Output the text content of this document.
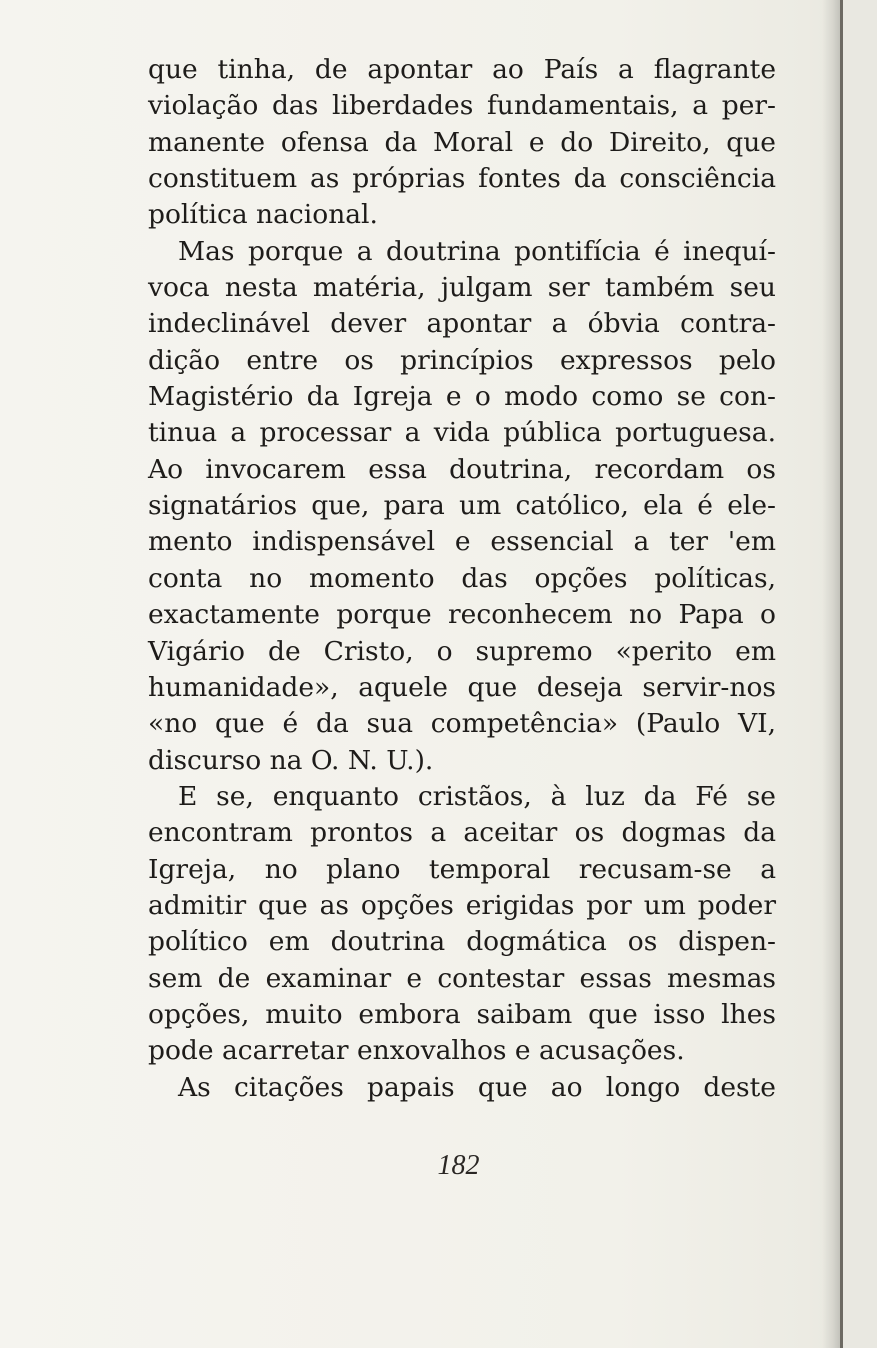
que tinha, de apontar ao País a flagrante
violação das liberdades fundamentais, a per-
manente ofensa da Moral e do Direito, que
constituem as próprias fontes da consciência
política nacional.

Mas porque a doutrina pontifícia é inequí-
voca nesta matéria, julgam ser também seu
indeclinável dever apontar a óbvia contra-
dição entre os princípios expressos pelo
Magistério da Igreja e o modo como se con-
tinua a processar a vida pública portuguesa.
Ao invocarem essa doutrina, recordam os
signatários que, para um católico, ela é ele-
mento indispensável e essencial a ter 'em
conta no momento das opções políticas,
exactamente porque reconhecem no Papa o
Vigário de Cristo, o supremo «perito em
humanidade», aquele que deseja servir-nos
«no que é da sua competência» (Paulo VI,
discurso na O. N. U.).

E se, enquanto cristãos, à luz da Fé se
encontram prontos a aceitar os dogmas da
Igreja, no plano temporal recusam-se a
admitir que as opções erigidas por um poder
político em doutrina dogmática os dispen-
sem de examinar e contestar essas mesmas
opções, muito embora saibam que isso lhes
pode acarretar enxovalhos e acusações.

As citações papais que ao longo deste

182
